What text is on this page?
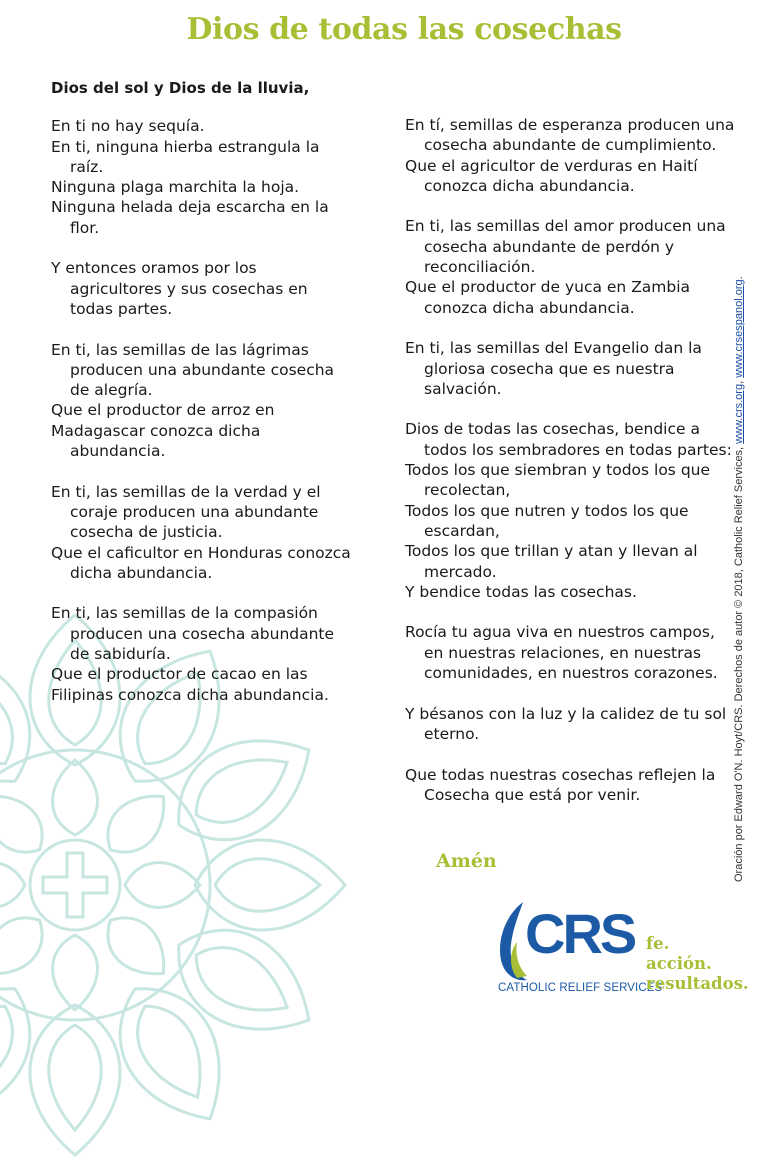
Dios de todas las cosechas
Dios del sol y Dios de la lluvia,
En ti no hay sequía.
En ti, ninguna hierba estrangula la raíz.
Ninguna plaga marchita la hoja.
Ninguna helada deja escarcha en la flor.
Y entonces oramos por los agricultores y sus cosechas en todas partes.
En ti, las semillas de las lágrimas producen una abundante cosecha de alegría.
Que el productor de arroz en
Madagascar conozca dicha abundancia.
En ti, las semillas de la verdad y el coraje producen una abundante cosecha de justicia.
Que el caficultor en Honduras conozca dicha abundancia.
En ti, las semillas de la compasión producen una cosecha abundante de sabiduría.
Que el productor de cacao en las
Filipinas conozca dicha abundancia.
En tí, semillas de esperanza producen una cosecha abundante de cumplimiento.
Que el agricultor de verduras en Haití conozca dicha abundancia.
En ti, las semillas del amor producen una cosecha abundante de perdón y reconciliación.
Que el productor de yuca en Zambia conozca dicha abundancia.
En ti, las semillas del Evangelio dan la gloriosa cosecha que es nuestra salvación.
Dios de todas las cosechas, bendice a todos los sembradores en todas partes:
Todos los que siembran y todos los que recolectan,
Todos los que nutren y todos los que escardan,
Todos los que trillan y atan y llevan al mercado.
Y bendice todas las cosechas.
Rocía tu agua viva en nuestros campos, en nuestras relaciones, en nuestras comunidades, en nuestros corazones.
Y bésanos con la luz y la calidez de tu sol eterno.
Que todas nuestras cosechas reflejen la Cosecha que está por venir.
Amén	Oración por Edward O'N. Hoyt/CRS. Derechos de autor © 2018, Catholic Relief Services, www.crs.org, www.crsespanol.org.
CRS
CATHOLIC RELIEF SERVICES
fe.
acción.
resultados.
